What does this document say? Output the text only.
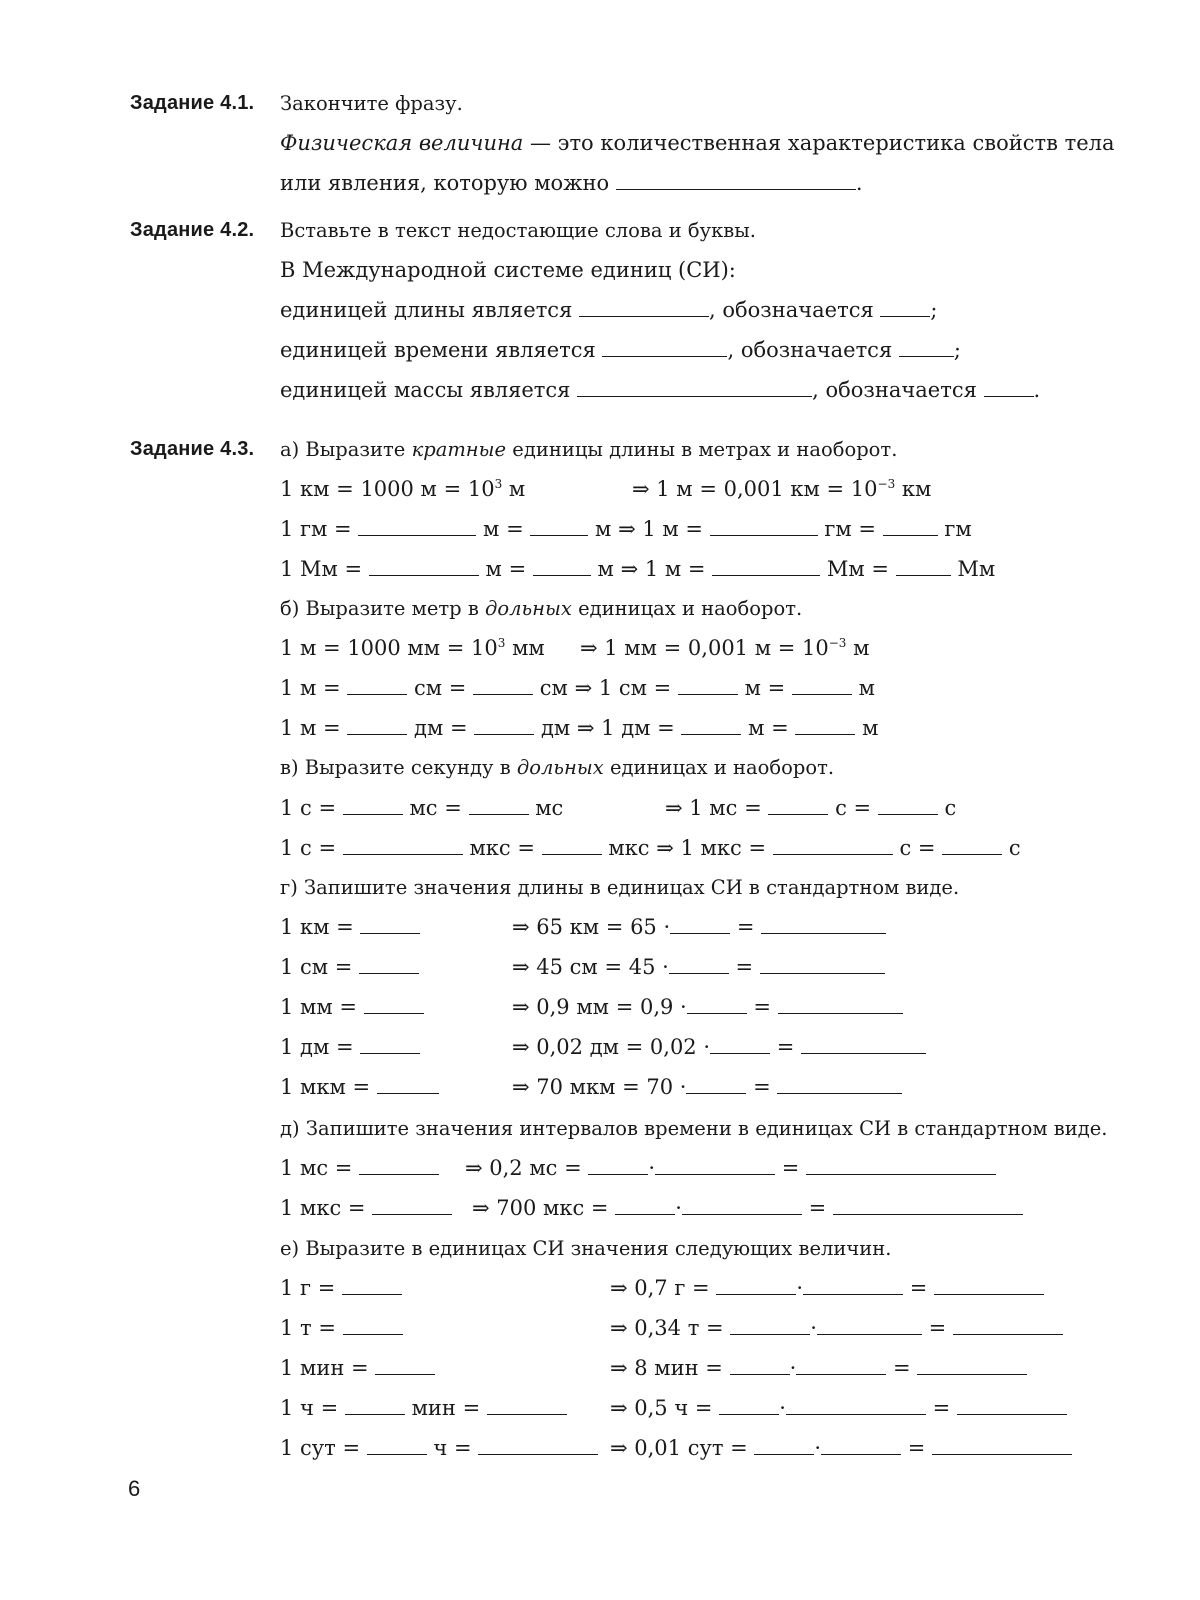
Задание 4.1. Закончите фразу.
Физическая величина — это количественная характеристика свойств тела
или явления, которую можно	.
Задание 4.2. Вставьте в текст недостающие слова и буквы.
В Международной системе единиц (СИ):
единицей длины является	, обозначается	;
единицей времени является	, обозначается	;
единицей массы является	, обозначается	.
Задание 4.3. а) Выразите кратные единицы длины в метрах и наоборот.
1 км = 1000 $м = 10^3$ м	⇒ 1 м = 0,001 км = $10^{-3}$ км
1 гм =	м =	м ⇒ 1 м =	гм =	гм
1 Мм =	м =	м ⇒ 1 м =	Мм =	Мм
б) Выразите метр в дольных единицах и наоборот.
1 м = 1000 мм = $10^3$ мм ⇒ 1 мм = 0,001 $м = 10^{-3}$ м
1 м =	см =	см ⇒ 1 см =	м =	м
1 м =	дм =	дм ⇒ 1 дм =	м =	м
в) Выразите секунду в дольных единицах и наоборот.
1 с =	мс =	мс	⇒ 1 мс =	с =	с
1 с =	мкс =	мкс ⇒ 1 мкс =	с =	с
г) Запишите значения длины в единицах СИ в стандартном виде.
1 км =	⇒ 65 км = 65 ·	=
1 см =	⇒ 45 см = 45 ·	=
1 мм =	⇒ 0,9 мм = 0,9 ·	=
1 дм =	⇒ 0,02 дм = 0,02 ·	=
1 мкм =	⇒ 70 мкм = 70 ·	=
д) Запишите значения интервалов времени в единицах СИ в стандартном виде.
1 мс =	⇒ 0,2 мс =	·	=
1 мкс =	⇒ 700 мкс =	·	=
е) Выразите в единицах СИ значения следующих величин.
1 г =	⇒ 0,7 г =	·	=
1 т =	⇒ 0,34 т =	·	=
1 мин =	⇒ 8 мин =	·	=
1 ч =	мин =	⇒ 0,5 ч =	·	=
1 сут =	ч =	⇒ 0,01 сут =	·	=
6
